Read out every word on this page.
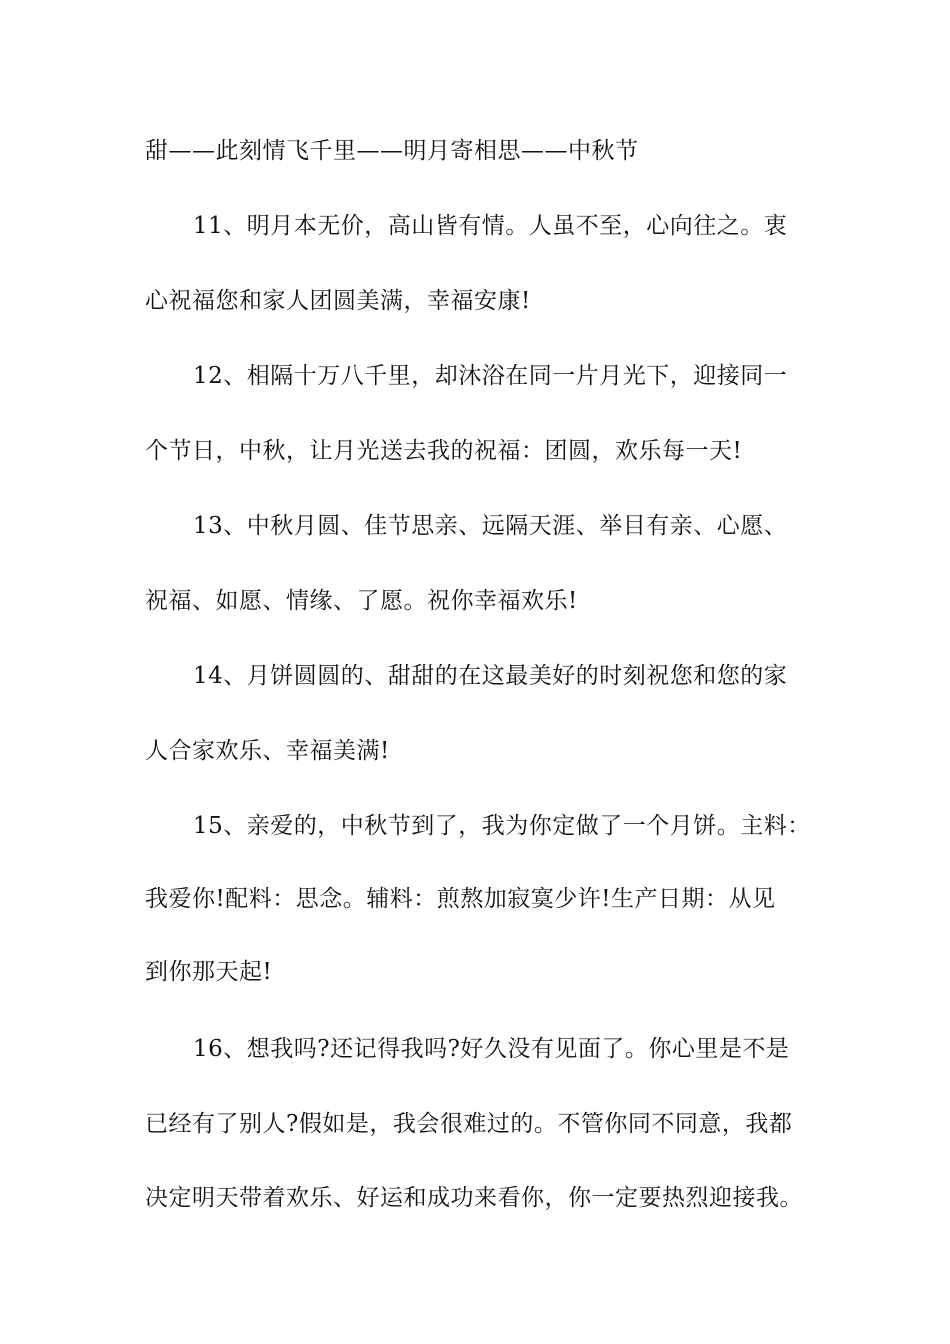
甜——此刻情飞千里——明月寄相思——中秋节
11、明月本无价，高山皆有情。人虽不至，心向往之。衷
心祝福您和家人团圆美满，幸福安康!
12、相隔十万八千里，却沐浴在同一片月光下，迎接同一
个节日，中秋，让月光送去我的祝福：团圆，欢乐每一天!
13、中秋月圆、佳节思亲、远隔天涯、举目有亲、心愿、
祝福、如愿、情缘、了愿。祝你幸福欢乐!
14、月饼圆圆的、甜甜的在这最美好的时刻祝您和您的家
人合家欢乐、幸福美满!
15、亲爱的，中秋节到了，我为你定做了一个月饼。主料：
我爱你!配料：思念。辅料：煎熬加寂寞少许!生产日期：从见
到你那天起!
16、想我吗?还记得我吗?好久没有见面了。你心里是不是
已经有了别人?假如是，我会很难过的。不管你同不同意，我都
决定明天带着欢乐、好运和成功来看你，你一定要热烈迎接我。
